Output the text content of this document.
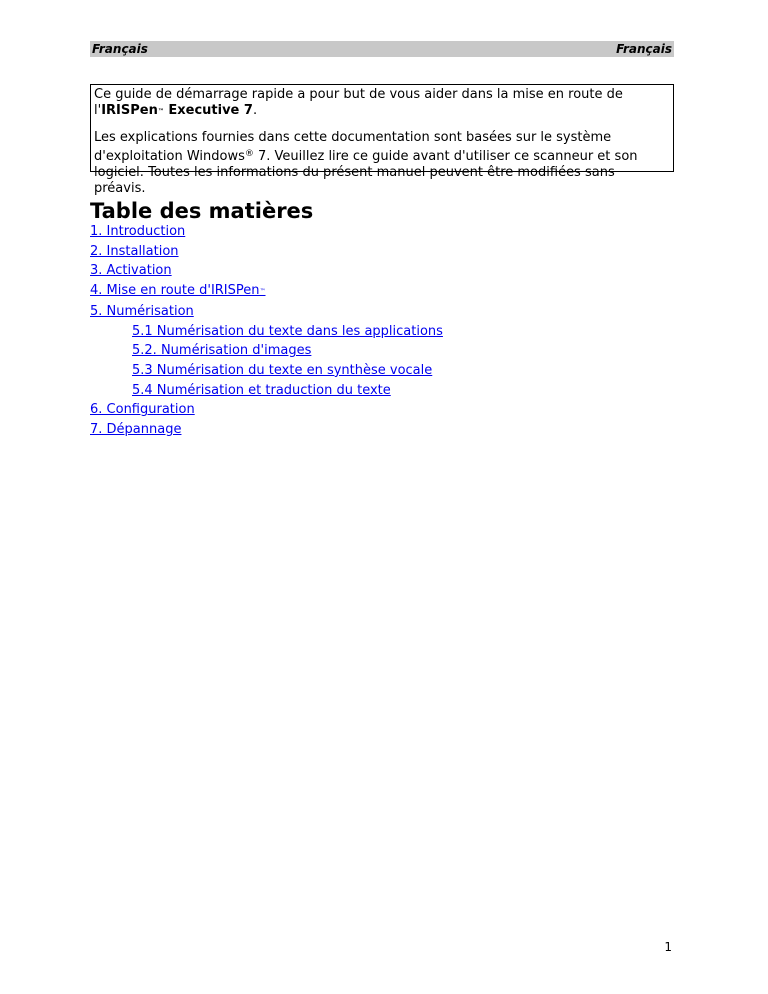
Français	Français

Ce guide de démarrage rapide a pour but de vous aider dans la mise en route de l'IRISPen™ Executive 7.

Les explications fournies dans cette documentation sont basées sur le système d'exploitation Windows® 7. Veuillez lire ce guide avant d'utiliser ce scanneur et son logiciel. Toutes les informations du présent manuel peuvent être modifiées sans préavis.

Table des matières
1. Introduction
2. Installation
3. Activation
4. Mise en route d'IRISPen™
5. Numérisation
5.1 Numérisation du texte dans les applications
5.2. Numérisation d'images
5.3 Numérisation du texte en synthèse vocale
5.4 Numérisation et traduction du texte
6. Configuration
7. Dépannage
1
